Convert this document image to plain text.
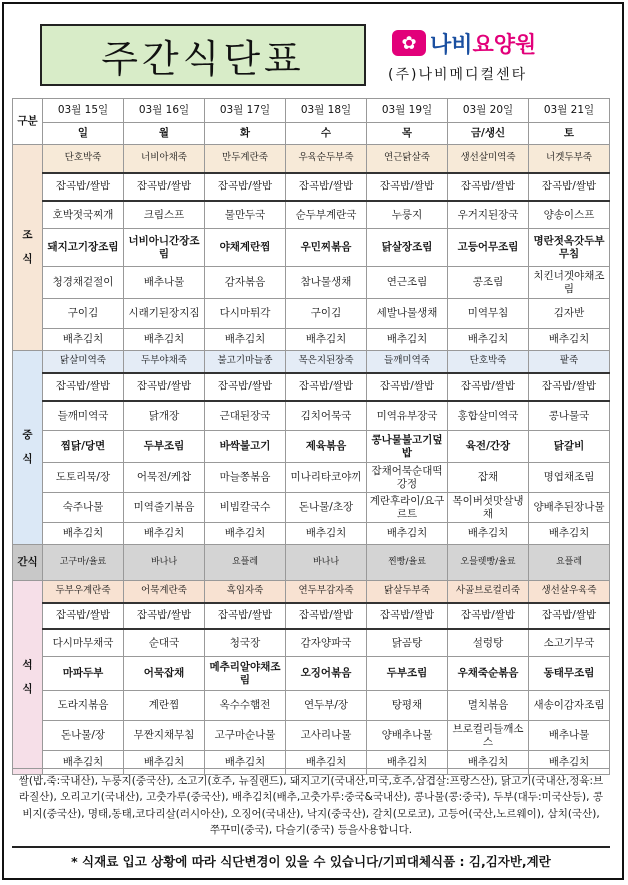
주간식단표	✿ 나비요양원
(주)나비메디컬센타
구분	03월 15일	03월 16일	03월 17일	03월 18일	03월 19일	03월 20일	03월 21일
	일	월	화	수	목	금/생신	토

조
식	단호박죽	너비아채죽	만두계란죽	우육순두부죽	연근닭살죽	생선살미역죽	너겟두부죽
	잡곡밥/쌀밥	잡곡밥/쌀밥	잡곡밥/쌀밥	잡곡밥/쌀밥	잡곡밥/쌀밥	잡곡밥/쌀밥	잡곡밥/쌀밥
	호박젓국찌개	크림스프	물만두국	순두부계란국	누룽지	우거지된장국	양송이스프
	돼지고기장조림	너비아니간장조림	야채계란찜	우민찌볶음	닭살장조림	고등어무조림	명란젓옥갓두부무침
	청경채겉절이	배추나물	감자볶음	참나물생채	연근조림	콩조림	치킨너겟야채조림
	구이김	시래기된장지짐	다시마튀각	구이김	세발나물생채	미역무침	김자반
	배추김치	배추김치	배추김치	배추김치	배추김치	배추김치	배추김치

중
식	닭살미역죽	두부야채죽	불고기마늘종	목은지된장죽	들깨미역죽	단호박죽	팥죽
	잡곡밥/쌀밥	잡곡밥/쌀밥	잡곡밥/쌀밥	잡곡밥/쌀밥	잡곡밥/쌀밥	잡곡밥/쌀밥	잡곡밥/쌀밥
	들깨미역국	닭개장	근대된장국	김치어묵국	미역유부장국	홍합살미역국	콩나물국
	찜닭/당면	두부조림	바싹불고기	제육볶음	콩나물불고기덮밥	육전/간장	닭갈비
	도토리묵/장	어묵전/케찹	마늘쫑볶음	미나리타코야끼	잡채어묵순대떡강정	잡채	명엽채조림
	숙주나물	미역줄기볶음	비빔칼국수	돈나물/초장	계란후라이/요구르트	목이버섯맛살냉채	양배추된장나물
	배추김치	배추김치	배추김치	배추김치	배추김치	배추김치	배추김치
간식	고구마/율료	바나나	요플레	바나나	찐빵/율료	오믈렛빵/율료	요플레

석
식	두부우계란죽	어묵계란죽	흑임자죽	연두부감자죽	닭살두부죽	사골브로컬리죽	생선살우육죽
	잡곡밥/쌀밥	잡곡밥/쌀밥	잡곡밥/쌀밥	잡곡밥/쌀밥	잡곡밥/쌀밥	잡곡밥/쌀밥	잡곡밥/쌀밥
	다시마무채국	순대국	청국장	감자양파국	닭곰탕	설렁탕	소고기무국
	마파두부	어묵잡채	메추리알야채조림	오징어볶음	두부조림	우채죽순볶음	동태무조림
	도라지볶음	계란찜	옥수수햄전	연두부/장	탕평채	멸치볶음	새송이감자조림
	돈나물/장	무짠지채무침	고구마순나물	고사리나물	양배추나물	브로컬리들깨소스	배추나물
	배추김치	배추김치	배추김치	배추김치	배추김치	배추김치	배추김치
쌀(밥,죽:국내산), 누룽지(중국산), 소고기(호주, 뉴질랜드), 돼지고기(국내산,미국,호주,삼겹살:프랑스산), 닭고기(국내산,정육:브라질산), 오리고기(국내산), 고춧가루(중국산), 배추김치(배추,고춧가루:중국&국내산), 콩나물(콩:중국), 두부(대두:미국산등), 콩비지(중국산), 명태,동태,코다리살(러시아산), 오징어(국내산), 낙지(중국산), 갈치(모로코), 고등어(국산,노르웨이), 삼치(국산), 쭈꾸미(중국), 다슬기(중국) 등을사용합니다.
* 식재료 입고 상황에 따라 식단변경이 있을 수 있습니다/기피대체식품 : 김,김자반,계란
